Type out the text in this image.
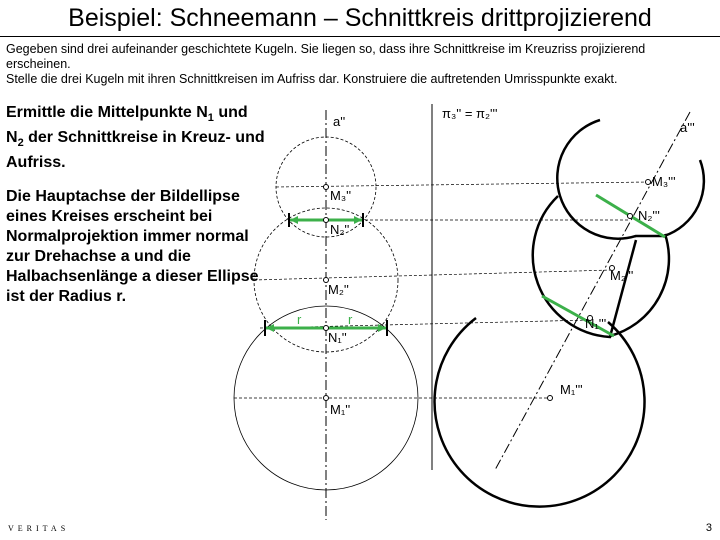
Beispiel: Schneemann – Schnittkreis drittprojizierend
Gegeben sind drei aufeinander geschichtete Kugeln. Sie liegen so, dass ihre Schnittkreise im Kreuzriss projizierend erscheinen.
Stelle die drei Kugeln mit ihren Schnittkreisen im Aufriss dar. Konstruiere die auftretenden Umrisspunkte exakt.
Ermittle die Mittelpunkte $N_1$ und $N_2$ der Schnittkreise in Kreuz- und Aufriss.
Die Hauptachse der Bildellipse eines Kreises erscheint bei Normalprojektion immer normal zur Drehachse a und die Halbachsenlänge a dieser Ellipse ist der Radius r.
a''	a'''
π₃'' = π₂'''
M₃''
N₂''
M₂''
r	r
N₁''
M₁''
M₃'''
N₂'''
M₂'''
N₁'''
M₁'''
VERITAS	3
